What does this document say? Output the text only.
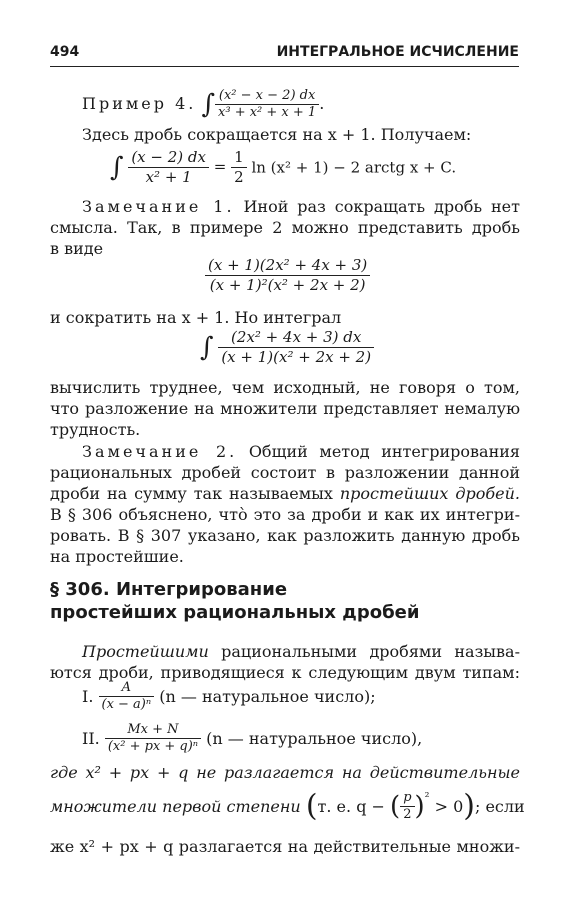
494	ИНТЕГРАЛЬНОЕ ИСЧИСЛЕНИЕ
Пример 4. ∫ $\frac{\text{(x² − x − 2) dx}}{\text{x³ + x² + x + 1}}$ .
Здесь дробь сокращается на x + 1. Получаем:
∫ $\frac{(x - 2) dx}{\text{x² + 1}} = \frac{1}{2}$ ln (x² + 1) − 2 arctg x + C.
Замечание 1. Иной раз сокращать дробь нет
смысла. Так, в примере 2 можно представить дробь
в виде
$\frac{\text{(x + 1)(2x² + 4x + 3)}}{\text{(x + 1)²(x² + 2x + 2)}}$
и сократить на x + 1. Но интеграл
∫ $\frac{\text{(2x² + 4x + 3) dx}}{\text{(x + 1)(x² + 2x + 2)}}$
вычислить труднее, чем исходный, не говоря о том,
что разложение на множители представляет немалую
трудность.
Замечание 2. Общий метод интегрирования
рациональных дробей состоит в разложении данной
дроби на сумму так называемых простейших дробей.
В § 306 объяснено, что̀ это за дроби и как их интегри-
ровать. В § 307 указано, как разложить данную дробь
на простейшие.
§ 306. Интегрирование
простейших рациональных дробей
Простейшими рациональными дробями называ-
ются дроби, приводящиеся к следующим двум типам:
I. $\frac{A}{\text{(x − a)ⁿ}} (n$ — натуральное число);
II. $\frac{Mx + N}{\text{(x² + px + q)ⁿ}} (n$ — натуральное число),
где x² + px + q не разлагается на действительные
множители первой степени (т. е. q − ( $\frac{p}{2} )^{^2} > 0$); если
же x² + px + q разлагается на действительные множи-
